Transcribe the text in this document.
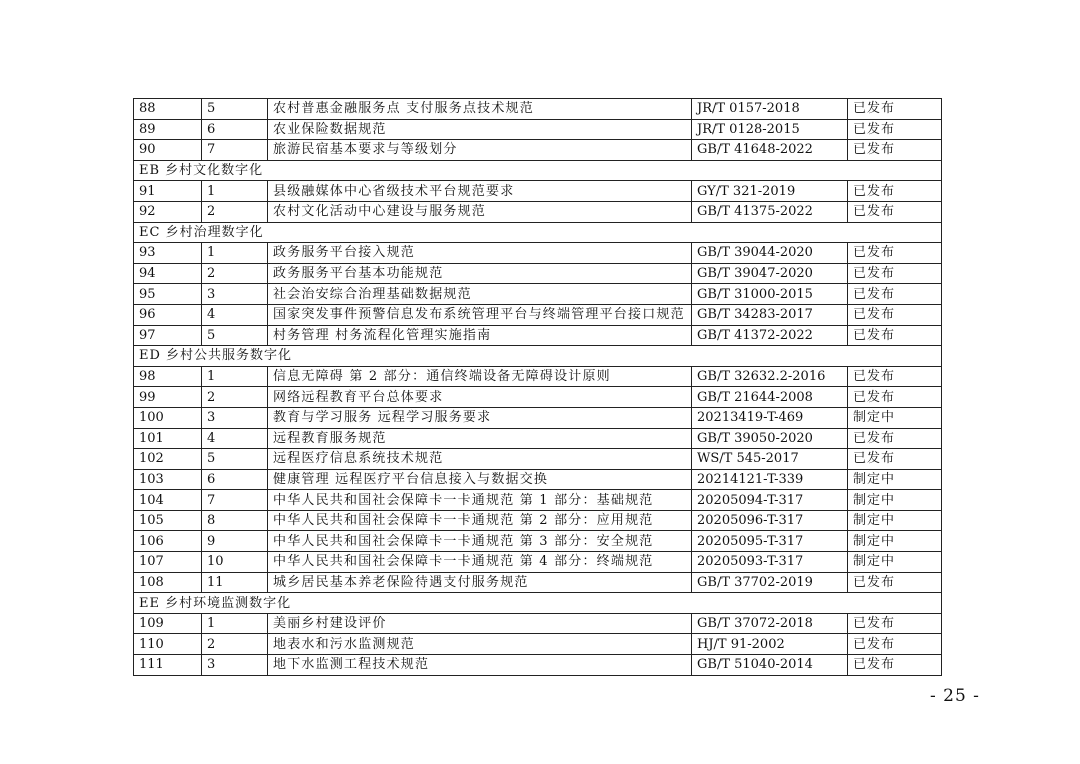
88	5	农村普惠金融服务点 支付服务点技术规范	JR/T 0157-2018	已发布
89	6	农业保险数据规范	JR/T 0128-2015	已发布
90	7	旅游民宿基本要求与等级划分	GB/T 41648-2022	已发布
EB 乡村文化数字化				
91	1	县级融媒体中心省级技术平台规范要求	GY/T 321-2019	已发布
92	2	农村文化活动中心建设与服务规范	GB/T 41375-2022	已发布
EC 乡村治理数字化				
93	1	政务服务平台接入规范	GB/T 39044-2020	已发布
94	2	政务服务平台基本功能规范	GB/T 39047-2020	已发布
95	3	社会治安综合治理基础数据规范	GB/T 31000-2015	已发布
96	4	国家突发事件预警信息发布系统管理平台与终端管理平台接口规范	GB/T 34283-2017	已发布
97	5	村务管理 村务流程化管理实施指南	GB/T 41372-2022	已发布
ED 乡村公共服务数字化				
98	1	信息无障碍 第 2 部分：通信终端设备无障碍设计原则	GB/T 32632.2-2016	已发布
99	2	网络远程教育平台总体要求	GB/T 21644-2008	已发布
100	3	教育与学习服务 远程学习服务要求	20213419-T-469	制定中
101	4	远程教育服务规范	GB/T 39050-2020	已发布
102	5	远程医疗信息系统技术规范	WS/T 545-2017	已发布
103	6	健康管理 远程医疗平台信息接入与数据交换	20214121-T-339	制定中
104	7	中华人民共和国社会保障卡一卡通规范 第 1 部分：基础规范	20205094-T-317	制定中
105	8	中华人民共和国社会保障卡一卡通规范 第 2 部分：应用规范	20205096-T-317	制定中
106	9	中华人民共和国社会保障卡一卡通规范 第 3 部分：安全规范	20205095-T-317	制定中
107	10	中华人民共和国社会保障卡一卡通规范 第 4 部分：终端规范	20205093-T-317	制定中
108	11	城乡居民基本养老保险待遇支付服务规范	GB/T 37702-2019	已发布
EE 乡村环境监测数字化				
109	1	美丽乡村建设评价	GB/T 37072-2018	已发布
110	2	地表水和污水监测规范	HJ/T 91-2002	已发布
111	3	地下水监测工程技术规范	GB/T 51040-2014	已发布
- 25 -
